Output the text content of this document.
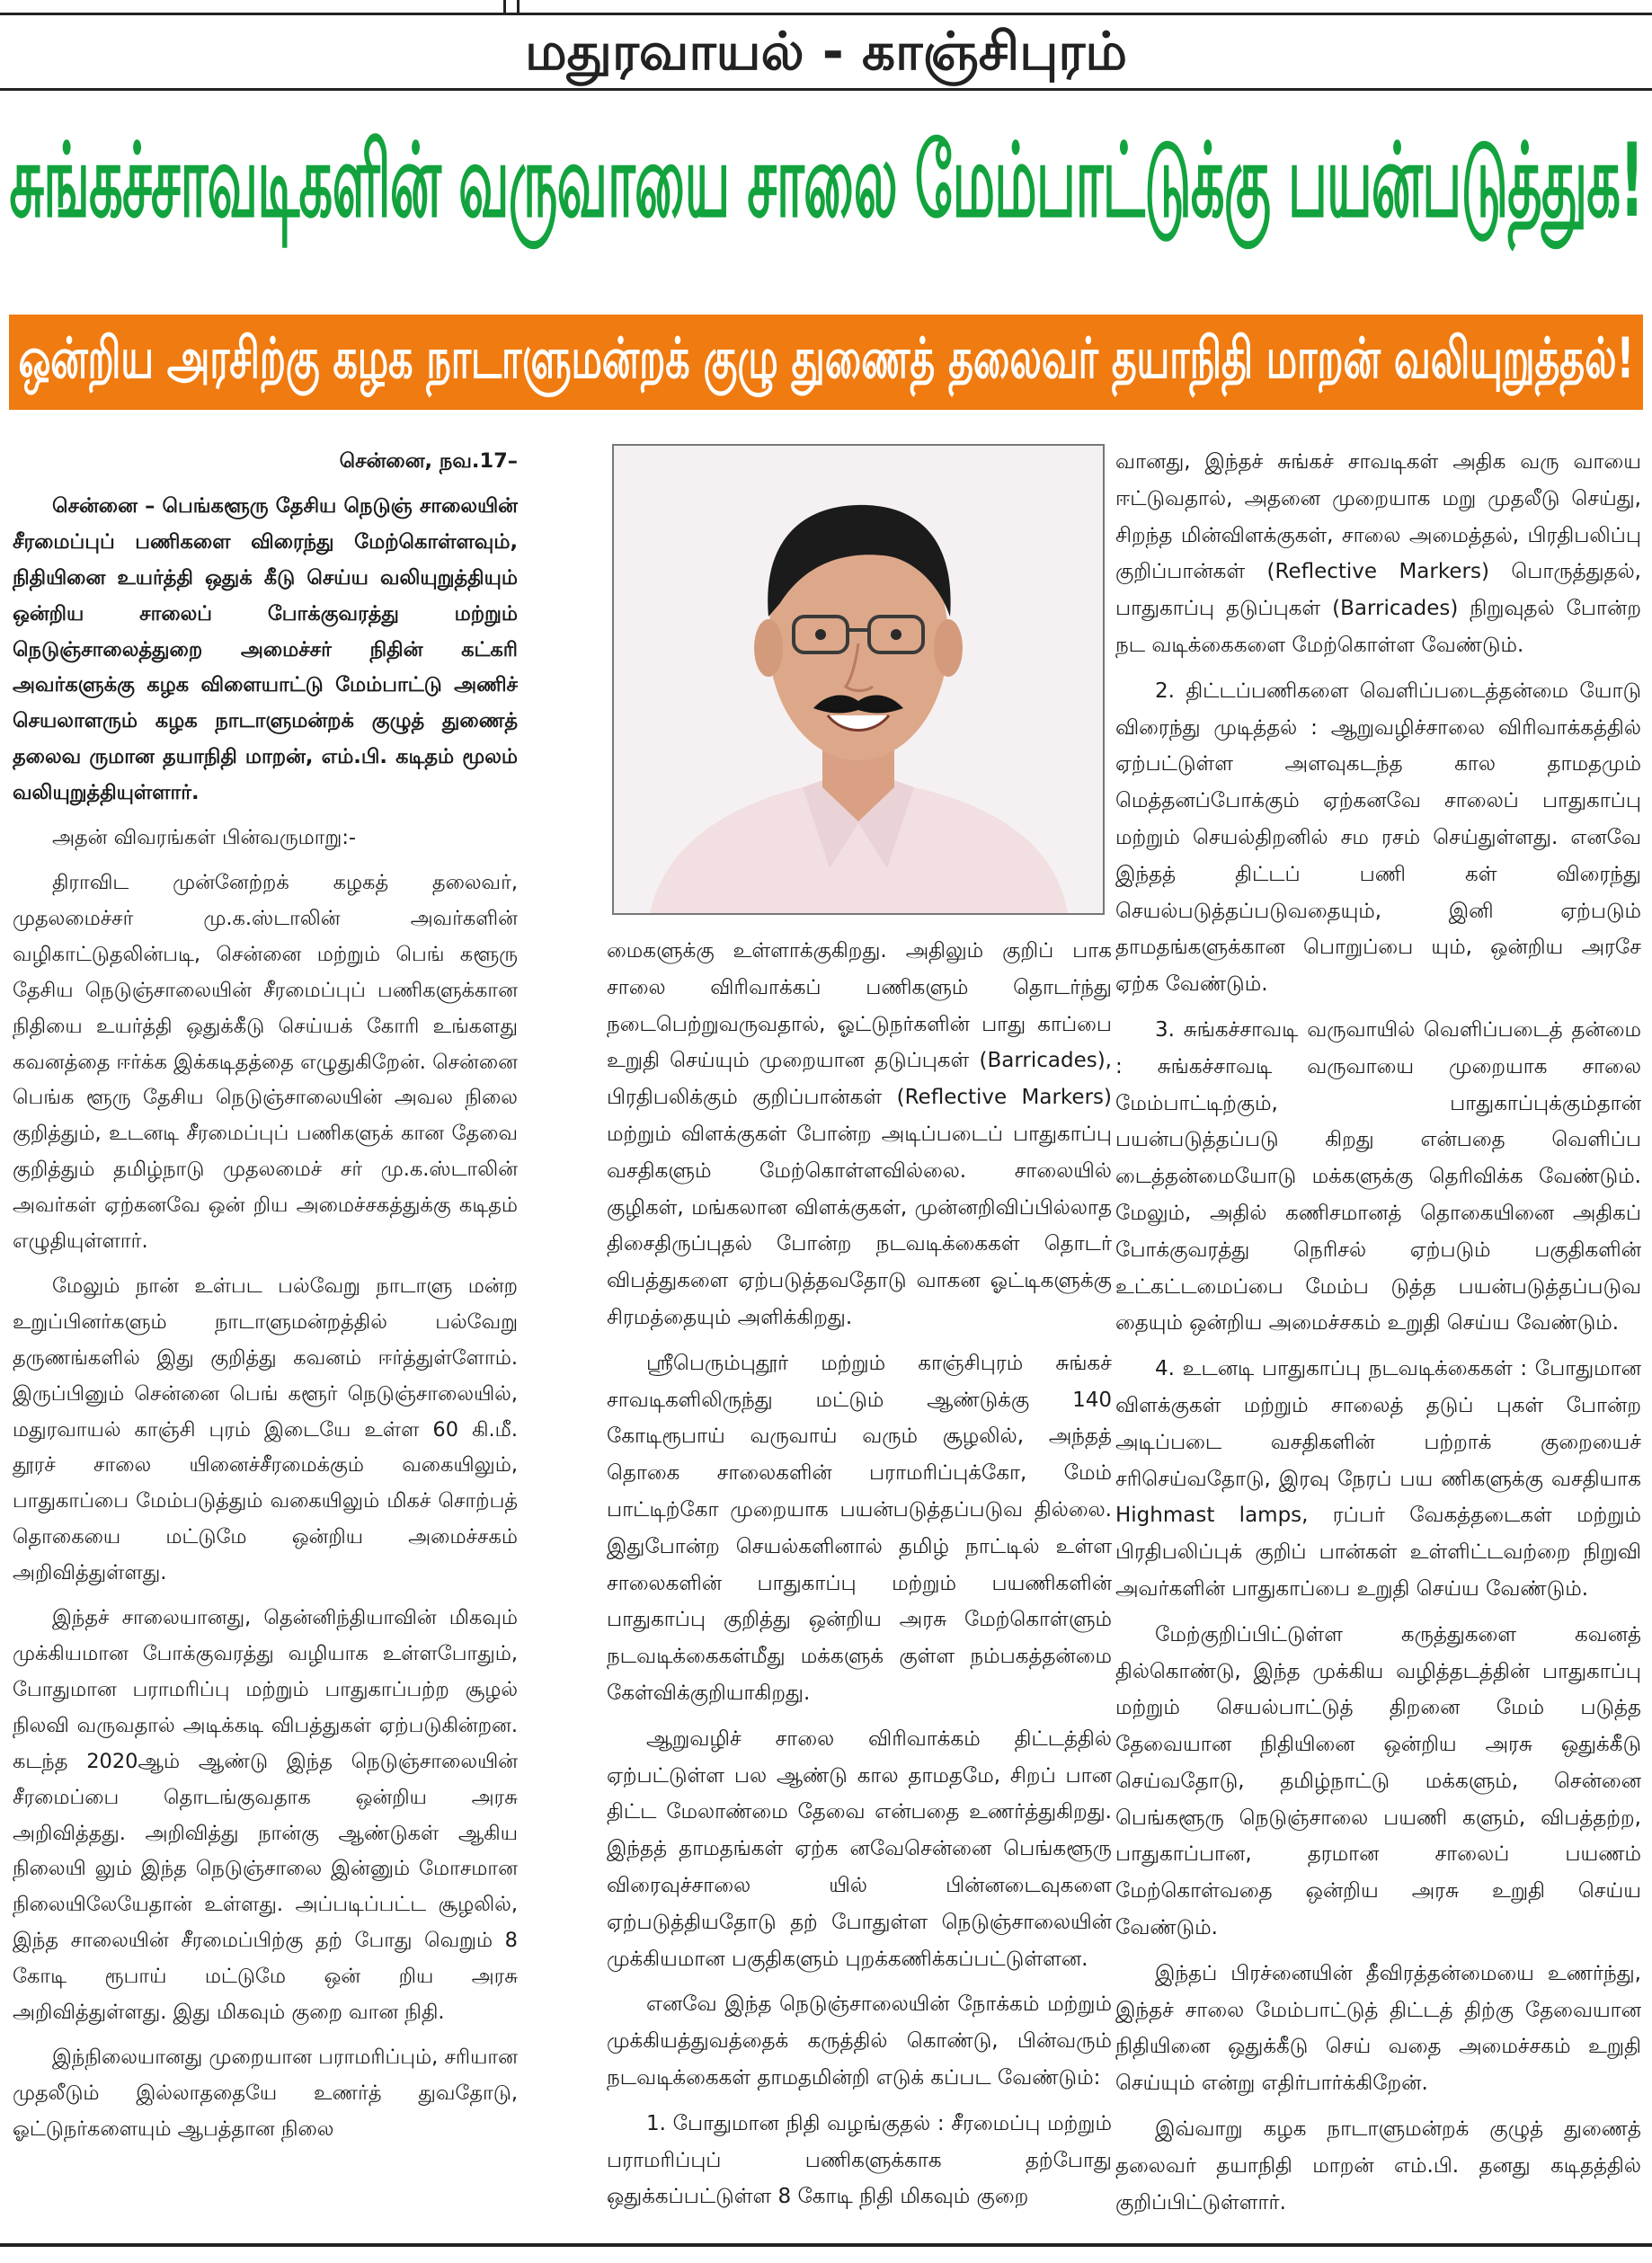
மதுரவாயல் - காஞ்சிபுரம்
சுங்கச்சாவடிகளின் வருவாயை சாலை மேம்பாட்டுக்கு பயன்படுத்துக!
ஒன்றிய அரசிற்கு கழக நாடாளுமன்றக் குழு துணைத் தலைவர் தயாநிதி மாறன் வலியுறுத்தல்!

சென்னை, நவ.17–

சென்னை – பெங்களூரு தேசிய நெடுஞ் சாலையின் சீரமைப்புப் பணிகளை விரைந்து மேற்கொள்ளவும், நிதியினை உயர்த்தி ஒதுக் கீடு செய்ய வலியுறுத்தியும் ஒன்றிய சாலைப் போக்குவரத்து மற்றும் நெடுஞ்சாலைத்துறை அமைச்சர் நிதின் கட்கரி அவர்களுக்கு கழக விளையாட்டு மேம்பாட்டு அணிச் செயலாளரும் கழக நாடாளுமன்றக் குழுத் துணைத் தலைவ ருமான தயாநிதி மாறன், எம்.பி. கடிதம் மூலம் வலியுறுத்தியுள்ளார்.

அதன் விவரங்கள் பின்வருமாறு:-

திராவிட முன்னேற்றக் கழகத் தலைவர், முதலமைச்சர் மு.க.ஸ்டாலின் அவர்களின் வழிகாட்டுதலின்படி, சென்னை மற்றும் பெங் களூரு தேசிய நெடுஞ்சாலையின் சீரமைப்புப் பணிகளுக்கான நிதியை உயர்த்தி ஒதுக்கீடு செய்யக் கோரி உங்களது கவனத்தை ஈர்க்க இக்கடிதத்தை எழுதுகிறேன். சென்னை பெங்க ளூரு தேசிய நெடுஞ்சாலையின் அவல நிலை குறித்தும், உடனடி சீரமைப்புப் பணிகளுக் கான தேவை குறித்தும் தமிழ்நாடு முதலமைச் சர் மு.க.ஸ்டாலின் அவர்கள் ஏற்கனவே ஒன் றிய அமைச்சகத்துக்கு கடிதம் எழுதியுள்ளார்.

மேலும் நான் உள்பட பல்வேறு நாடாளு மன்ற உறுப்பினர்களும் நாடாளுமன்றத்தில் பல்வேறு தருணங்களில் இது குறித்து கவனம் ஈர்த்துள்ளோம். இருப்பினும் சென்னை பெங் களூர் நெடுஞ்சாலையில், மதுரவாயல் காஞ்சி புரம் இடையே உள்ள 60 கி.மீ. தூரச் சாலை யினைச்சீரமைக்கும் வகையிலும், பாதுகாப்பை மேம்படுத்தும் வகையிலும் மிகச் சொற்பத் தொகையை மட்டுமே ஒன்றிய அமைச்சகம் அறிவித்துள்ளது.

இந்தச் சாலையானது, தென்னிந்தியாவின் மிகவும் முக்கியமான போக்குவரத்து வழியாக உள்ளபோதும், போதுமான பராமரிப்பு மற்றும் பாதுகாப்பற்ற சூழல் நிலவி வருவதால் அடிக்கடி விபத்துகள் ஏற்படுகின்றன. கடந்த 2020ஆம் ஆண்டு இந்த நெடுஞ்சாலையின் சீரமைப்பை தொடங்குவதாக ஒன்றிய அரசு அறிவித்தது. அறிவித்து நான்கு ஆண்டுகள் ஆகிய நிலையி லும் இந்த நெடுஞ்சாலை இன்னும் மோசமான நிலையிலேயேதான் உள்ளது. அப்படிப்பட்ட சூழலில், இந்த சாலையின் சீரமைப்பிற்கு தற் போது வெறும் 8 கோடி ரூபாய் மட்டுமே ஒன் றிய அரசு அறிவித்துள்ளது. இது மிகவும் குறை வான நிதி.

இந்நிலையானது முறையான பராமரிப்பும், சரியான முதலீடும் இல்லாததையே உணர்த் துவதோடு, ஓட்டுநர்களையும் ஆபத்தான நிலை

மைகளுக்கு உள்ளாக்குகிறது. அதிலும் குறிப் பாக சாலை விரிவாக்கப் பணிகளும் தொடர்ந்து நடைபெற்றுவருவதால், ஓட்டுநர்களின் பாது காப்பை உறுதி செய்யும் முறையான தடுப்புகள் (Barricades), பிரதிபலிக்கும் குறிப்பான்கள் (Reflective Markers) மற்றும் விளக்குகள் போன்ற அடிப்படைப் பாதுகாப்பு வசதிகளும் மேற்கொள்ளவில்லை. சாலையில் குழிகள், மங்கலான விளக்குகள், முன்னறிவிப்பில்லாத திசைதிருப்புதல் போன்ற நடவடிக்கைகள் தொடர் விபத்துகளை ஏற்படுத்தவதோடு வாகன ஓட்டிகளுக்கு சிரமத்தையும் அளிக்கிறது.

ஸ்ரீபெரும்புதூர் மற்றும் காஞ்சிபுரம் சுங்கச் சாவடிகளிலிருந்து மட்டும் ஆண்டுக்கு 140 கோடிரூபாய் வருவாய் வரும் சூழலில், அந்தத் தொகை சாலைகளின் பராமரிப்புக்கோ, மேம் பாட்டிற்கோ முறையாக பயன்படுத்தப்படுவ தில்லை. இதுபோன்ற செயல்களினால் தமிழ் நாட்டில் உள்ள சாலைகளின் பாதுகாப்பு மற்றும் பயணிகளின் பாதுகாப்பு குறித்து ஒன்றிய அரசு மேற்கொள்ளும் நடவடிக்கைகள்மீது மக்களுக் குள்ள நம்பகத்தன்மை கேள்விக்குறியாகிறது.

ஆறுவழிச் சாலை விரிவாக்கம் திட்டத்தில் ஏற்பட்டுள்ள பல ஆண்டு கால தாமதமே, சிறப் பான திட்ட மேலாண்மை தேவை என்பதை உணர்த்துகிறது. இந்தத் தாமதங்கள் ஏற்க னவேசென்னை பெங்களூரு விரைவுச்சாலை யில் பின்னடைவுகளை ஏற்படுத்தியதோடு தற் போதுள்ள நெடுஞ்சாலையின் முக்கியமான பகுதிகளும் புறக்கணிக்கப்பட்டுள்ளன.

எனவே இந்த நெடுஞ்சாலையின் நோக்கம் மற்றும் முக்கியத்துவத்தைக் கருத்தில் கொண்டு, பின்வரும் நடவடிக்கைகள் தாமதமின்றி எடுக் கப்பட வேண்டும்:

1. போதுமான நிதி வழங்குதல் : சீரமைப்பு மற்றும் பராமரிப்புப் பணிகளுக்காக தற்போது ஒதுக்கப்பட்டுள்ள 8 கோடி நிதி மிகவும் குறை

வானது, இந்தச் சுங்கச் சாவடிகள் அதிக வரு வாயை ஈட்டுவதால், அதனை முறையாக மறு முதலீடு செய்து, சிறந்த மின்விளக்குகள், சாலை அமைத்தல், பிரதிபலிப்பு குறிப்பான்கள் (Reflective Markers) பொருத்துதல், பாதுகாப்பு தடுப்புகள் (Barricades) நிறுவுதல் போன்ற நட வடிக்கைகளை மேற்கொள்ள வேண்டும்.

2. திட்டப்பணிகளை வெளிப்படைத்தன்மை யோடு விரைந்து முடித்தல் : ஆறுவழிச்சாலை விரிவாக்கத்தில் ஏற்பட்டுள்ள அளவுகடந்த கால தாமதமும் மெத்தனப்போக்கும் ஏற்கனவே சாலைப் பாதுகாப்பு மற்றும் செயல்திறனில் சம ரசம் செய்துள்ளது. எனவே இந்தத் திட்டப் பணி கள் விரைந்து செயல்படுத்தப்படுவதையும், இனி ஏற்படும் தாமதங்களுக்கான பொறுப்பை யும், ஒன்றிய அரசே ஏற்க வேண்டும்.

3. சுங்கச்சாவடி வருவாயில் வெளிப்படைத் தன்மை : சுங்கச்சாவடி வருவாயை முறையாக சாலை மேம்பாட்டிற்கும், பாதுகாப்புக்கும்தான் பயன்படுத்தப்படு கிறது என்பதை வெளிப்ப டைத்தன்மையோடு மக்களுக்கு தெரிவிக்க வேண்டும். மேலும், அதில் கணிசமானத் தொகையினை அதிகப் போக்குவரத்து நெரிசல் ஏற்படும் பகுதிகளின் உட்கட்டமைப்பை மேம்ப டுத்த பயன்படுத்தப்படுவ தையும் ஒன்றிய அமைச்சகம் உறுதி செய்ய வேண்டும்.

4. உடனடி பாதுகாப்பு நடவடிக்கைகள் : போதுமான விளக்குகள் மற்றும் சாலைத் தடுப் புகள் போன்ற அடிப்படை வசதிகளின் பற்றாக் குறையைச் சரிசெய்வதோடு, இரவு நேரப் பய ணிகளுக்கு வசதியாக Highmast lamps, ரப்பர் வேகத்தடைகள் மற்றும் பிரதிபலிப்புக் குறிப் பான்கள் உள்ளிட்டவற்றை நிறுவி அவர்களின் பாதுகாப்பை உறுதி செய்ய வேண்டும்.

மேற்குறிப்பிட்டுள்ள கருத்துகளை கவனத் தில்கொண்டு, இந்த முக்கிய வழித்தடத்தின் பாதுகாப்பு மற்றும் செயல்பாட்டுத் திறனை மேம் படுத்த தேவையான நிதியினை ஒன்றிய அரசு ஒதுக்கீடு செய்வதோடு, தமிழ்நாட்டு மக்களும், சென்னை பெங்களூரு நெடுஞ்சாலை பயணி களும், விபத்தற்ற, பாதுகாப்பான, தரமான சாலைப் பயணம் மேற்கொள்வதை ஒன்றிய அரசு உறுதி செய்ய வேண்டும்.

இந்தப் பிரச்னையின் தீவிரத்தன்மையை உணர்ந்து, இந்தச் சாலை மேம்பாட்டுத் திட்டத் திற்கு தேவையான நிதியினை ஒதுக்கீடு செய் வதை அமைச்சகம் உறுதி செய்யும் என்று எதிர்பார்க்கிறேன்.

இவ்வாறு கழக நாடாளுமன்றக் குழுத் துணைத் தலைவர் தயாநிதி மாறன் எம்.பி. தனது கடிதத்தில் குறிப்பிட்டுள்ளார்.
